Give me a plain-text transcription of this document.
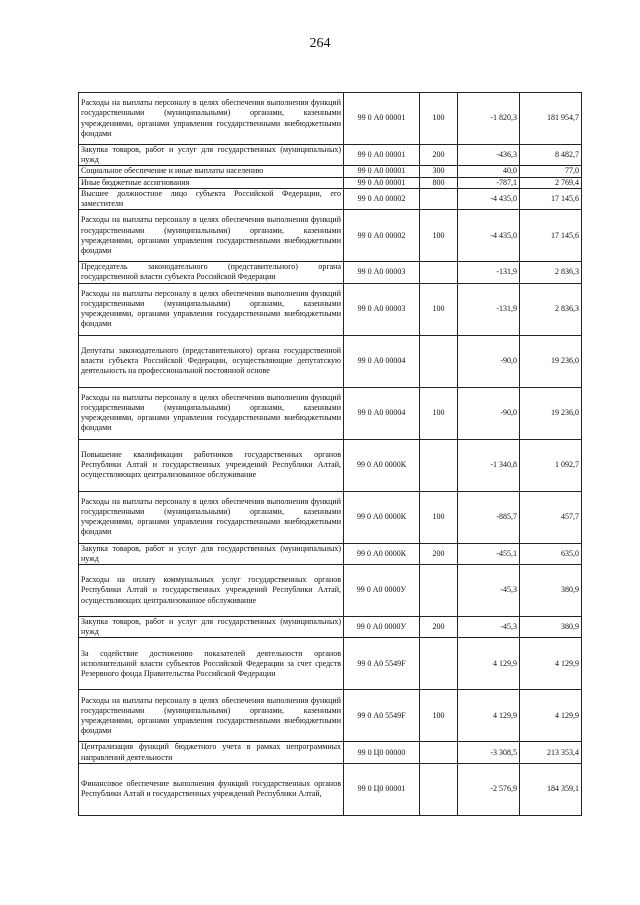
264
Расходы на выплаты персоналу в целях обеспечения выполнения функций государственными (муниципальными) органами, казенными учреждениями, органами управления государственными внебюджетными фондами	99 0 А0 00001	100	-1 820,3	181 954,7
Закупка товаров, работ и услуг для государственных (муниципальных) нужд	99 0 А0 00001	200	-436,3	8 482,7
Социальное обеспечение и иные выплаты населению	99 0 А0 00001	300	40,0	77,0
Иные бюджетные ассигнования	99 0 А0 00001	800	-787,1	2 769,4
Высшее должностное лицо субъекта Российской Федерации, его заместители	99 0 А0 00002		-4 435,0	17 145,6
Расходы на выплаты персоналу в целях обеспечения выполнения функций государственными (муниципальными) органами, казенными учреждениями, органами управления государственными внебюджетными фондами	99 0 А0 00002	100	-4 435,0	17 145,6
Председатель законодательного (представительного) органа государственной власти субъекта Российской Федерации	99 0 А0 00003		-131,9	2 836,3
Расходы на выплаты персоналу в целях обеспечения выполнения функций государственными (муниципальными) органами, казенными учреждениями, органами управления государственными внебюджетными фондами	99 0 А0 00003	100	-131,9	2 836,3
Депутаты законодательного (представительного) органа государственной власти субъекта Российской Федерации, осуществляющие депутатскую деятельность на профессиональной постоянной основе	99 0 А0 00004		-90,0	19 236,0
Расходы на выплаты персоналу в целях обеспечения выполнения функций государственными (муниципальными) органами, казенными учреждениями, органами управления государственными внебюджетными фондами	99 0 А0 00004	100	-90,0	19 236,0
Повышение квалификации работников государственных органов Республики Алтай и государственных учреждений Республики Алтай, осуществляющих централизованное обслуживание	99 0 А0 0000К		-1 340,8	1 092,7
Расходы на выплаты персоналу в целях обеспечения выполнения функций государственными (муниципальными) органами, казенными учреждениями, органами управления государственными внебюджетными фондами	99 0 А0 0000К	100	-885,7	457,7
Закупка товаров, работ и услуг для государственных (муниципальных) нужд	99 0 А0 0000К	200	-455,1	635,0
Расходы на оплату коммунальных услуг государственных органов Республики Алтай и государственных учреждений Республики Алтай, осуществляющих централизованное обслуживание	99 0 А0 0000У		-45,3	380,9
Закупка товаров, работ и услуг для государственных (муниципальных) нужд	99 0 А0 0000У	200	-45,3	380,9
За содействие достижению показателей деятельности органов исполнительной власти субъектов Российской Федерации за счет средств Резервного фонда Правительства Российской Федерации	99 0 А0 5549F		4 129,9	4 129,9
Расходы на выплаты персоналу в целях обеспечения выполнения функций государственными (муниципальными) органами, казенными учреждениями, органами управления государственными внебюджетными фондами	99 0 А0 5549F	100	4 129,9	4 129,9
Централизация функций бюджетного учета в рамках непрограммных направлений деятельности	99 0 Ц0 00000		-3 308,5	213 353,4
Финансовое обеспечение выполнения функций государственных органов Республики Алтай и государственных учреждений Республики Алтай,	99 0 Ц0 00001		-2 576,9	184 359,1
